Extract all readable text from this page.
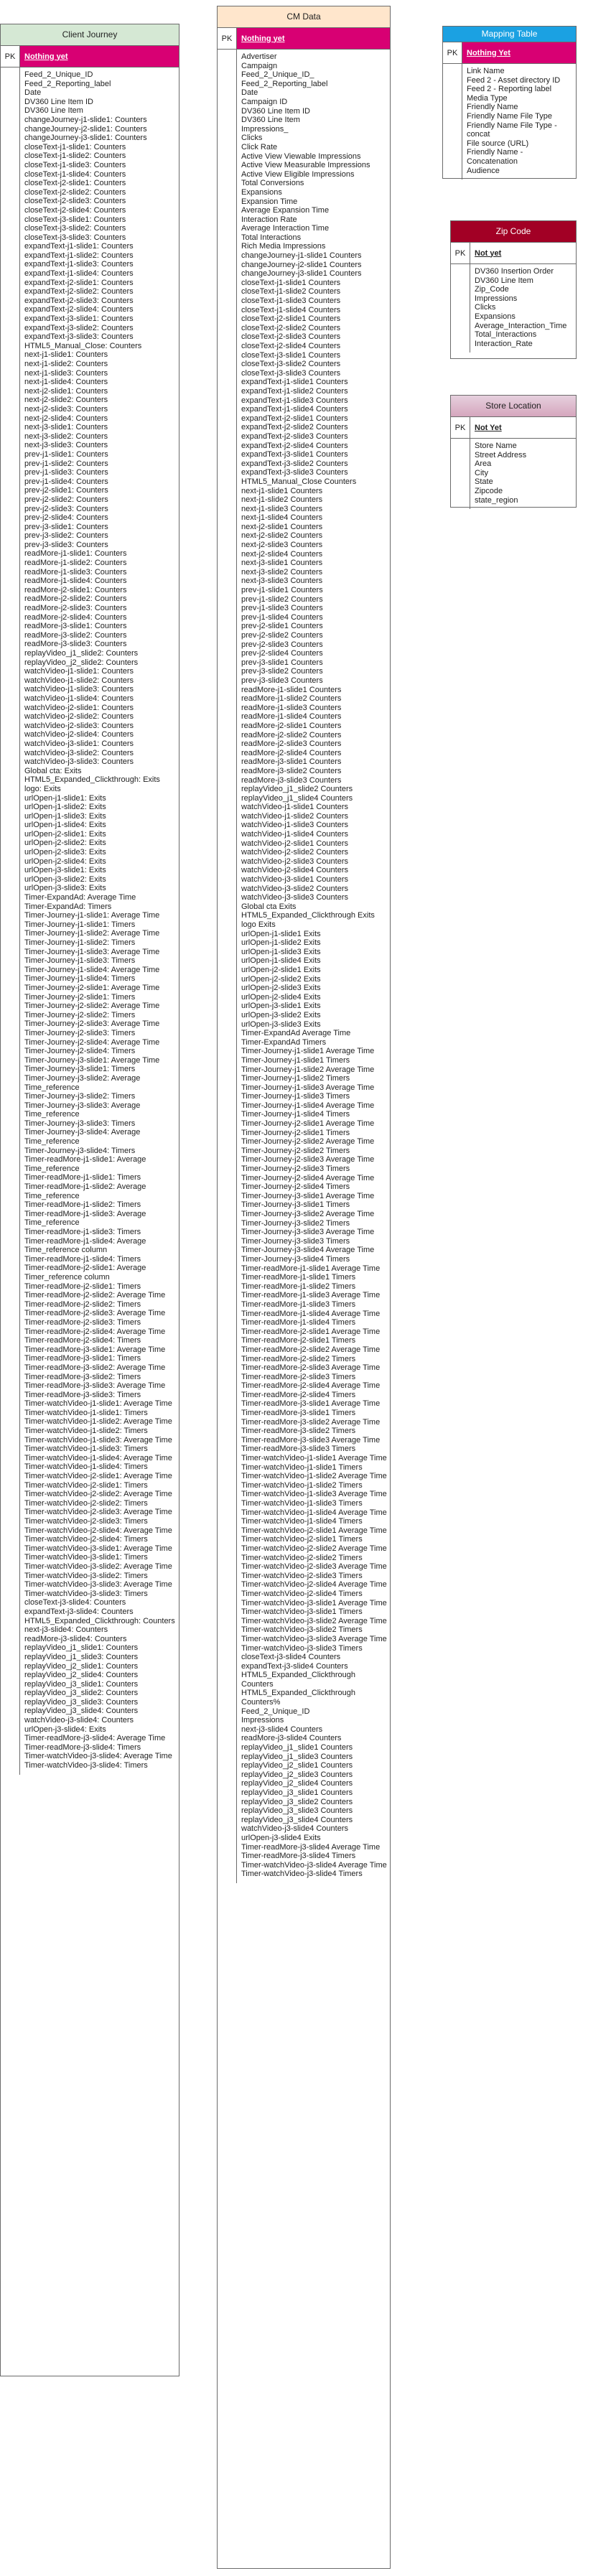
Client Journey
PK	Nothing yet
Feed_2_Unique_ID
Feed_2_Reporting_label
Date
DV360 Line Item ID
DV360 Line Item
changeJourney-j1-slide1: Counters
changeJourney-j2-slide1: Counters
changeJourney-j3-slide1: Counters
closeText-j1-slide1: Counters
closeText-j1-slide2: Counters
closeText-j1-slide3: Counters
closeText-j1-slide4: Counters
closeText-j2-slide1: Counters
closeText-j2-slide2: Counters
closeText-j2-slide3: Counters
closeText-j2-slide4: Counters
closeText-j3-slide1: Counters
closeText-j3-slide2: Counters
closeText-j3-slide3: Counters
expandText-j1-slide1: Counters
expandText-j1-slide2: Counters
expandText-j1-slide3: Counters
expandText-j1-slide4: Counters
expandText-j2-slide1: Counters
expandText-j2-slide2: Counters
expandText-j2-slide3: Counters
expandText-j2-slide4: Counters
expandText-j3-slide1: Counters
expandText-j3-slide2: Counters
expandText-j3-slide3: Counters
HTML5_Manual_Close: Counters
next-j1-slide1: Counters
next-j1-slide2: Counters
next-j1-slide3: Counters
next-j1-slide4: Counters
next-j2-slide1: Counters
next-j2-slide2: Counters
next-j2-slide3: Counters
next-j2-slide4: Counters
next-j3-slide1: Counters
next-j3-slide2: Counters
next-j3-slide3: Counters
prev-j1-slide1: Counters
prev-j1-slide2: Counters
prev-j1-slide3: Counters
prev-j1-slide4: Counters
prev-j2-slide1: Counters
prev-j2-slide2: Counters
prev-j2-slide3: Counters
prev-j2-slide4: Counters
prev-j3-slide1: Counters
prev-j3-slide2: Counters
prev-j3-slide3: Counters
readMore-j1-slide1: Counters
readMore-j1-slide2: Counters
readMore-j1-slide3: Counters
readMore-j1-slide4: Counters
readMore-j2-slide1: Counters
readMore-j2-slide2: Counters
readMore-j2-slide3: Counters
readMore-j2-slide4: Counters
readMore-j3-slide1: Counters
readMore-j3-slide2: Counters
readMore-j3-slide3: Counters
replayVideo_j1_slide2: Counters
replayVideo_j2_slide2: Counters
watchVideo-j1-slide1: Counters
watchVideo-j1-slide2: Counters
watchVideo-j1-slide3: Counters
watchVideo-j1-slide4: Counters
watchVideo-j2-slide1: Counters
watchVideo-j2-slide2: Counters
watchVideo-j2-slide3: Counters
watchVideo-j2-slide4: Counters
watchVideo-j3-slide1: Counters
watchVideo-j3-slide2: Counters
watchVideo-j3-slide3: Counters
Global cta: Exits
HTML5_Expanded_Clickthrough: Exits
logo: Exits
urlOpen-j1-slide1: Exits
urlOpen-j1-slide2: Exits
urlOpen-j1-slide3: Exits
urlOpen-j1-slide4: Exits
urlOpen-j2-slide1: Exits
urlOpen-j2-slide2: Exits
urlOpen-j2-slide3: Exits
urlOpen-j2-slide4: Exits
urlOpen-j3-slide1: Exits
urlOpen-j3-slide2: Exits
urlOpen-j3-slide3: Exits
Timer-ExpandAd: Average Time
Timer-ExpandAd: Timers
Timer-Journey-j1-slide1: Average Time
Timer-Journey-j1-slide1: Timers
Timer-Journey-j1-slide2: Average Time
Timer-Journey-j1-slide2: Timers
Timer-Journey-j1-slide3: Average Time
Timer-Journey-j1-slide3: Timers
Timer-Journey-j1-slide4: Average Time
Timer-Journey-j1-slide4: Timers
Timer-Journey-j2-slide1: Average Time
Timer-Journey-j2-slide1: Timers
Timer-Journey-j2-slide2: Average Time
Timer-Journey-j2-slide2: Timers
Timer-Journey-j2-slide3: Average Time
Timer-Journey-j2-slide3: Timers
Timer-Journey-j2-slide4: Average Time
Timer-Journey-j2-slide4: Timers
Timer-Journey-j3-slide1: Average Time
Timer-Journey-j3-slide1: Timers
Timer-Journey-j3-slide2: Average Time_reference
Timer-Journey-j3-slide2: Timers
Timer-Journey-j3-slide3: Average Time_reference
Timer-Journey-j3-slide3: Timers
Timer-Journey-j3-slide4: Average Time_reference
Timer-Journey-j3-slide4: Timers
Timer-readMore-j1-slide1: Average Time_reference
Timer-readMore-j1-slide1: Timers
Timer-readMore-j1-slide2: Average Time_reference
Timer-readMore-j1-slide2: Timers
Timer-readMore-j1-slide3: Average Time_reference
Timer-readMore-j1-slide3: Timers
Timer-readMore-j1-slide4: Average Time_reference column
Timer-readMore-j1-slide4: Timers
Timer-readMore-j2-slide1: Average Timer_reference column
Timer-readMore-j2-slide1: Timers
Timer-readMore-j2-slide2: Average Time
Timer-readMore-j2-slide2: Timers
Timer-readMore-j2-slide3: Average Time
Timer-readMore-j2-slide3: Timers
Timer-readMore-j2-slide4: Average Time
Timer-readMore-j2-slide4: Timers
Timer-readMore-j3-slide1: Average Time
Timer-readMore-j3-slide1: Timers
Timer-readMore-j3-slide2: Average Time
Timer-readMore-j3-slide2: Timers
Timer-readMore-j3-slide3: Average Time
Timer-readMore-j3-slide3: Timers
Timer-watchVideo-j1-slide1: Average Time
Timer-watchVideo-j1-slide1: Timers
Timer-watchVideo-j1-slide2: Average Time
Timer-watchVideo-j1-slide2: Timers
Timer-watchVideo-j1-slide3: Average Time
Timer-watchVideo-j1-slide3: Timers
Timer-watchVideo-j1-slide4: Average Time
Timer-watchVideo-j1-slide4: Timers
Timer-watchVideo-j2-slide1: Average Time
Timer-watchVideo-j2-slide1: Timers
Timer-watchVideo-j2-slide2: Average Time
Timer-watchVideo-j2-slide2: Timers
Timer-watchVideo-j2-slide3: Average Time
Timer-watchVideo-j2-slide3: Timers
Timer-watchVideo-j2-slide4: Average Time
Timer-watchVideo-j2-slide4: Timers
Timer-watchVideo-j3-slide1: Average Time
Timer-watchVideo-j3-slide1: Timers
Timer-watchVideo-j3-slide2: Average Time
Timer-watchVideo-j3-slide2: Timers
Timer-watchVideo-j3-slide3: Average Time
Timer-watchVideo-j3-slide3: Timers
closeText-j3-slide4: Counters
expandText-j3-slide4: Counters
HTML5_Expanded_Clickthrough: Counters
next-j3-slide4: Counters
readMore-j3-slide4: Counters
replayVideo_j1_slide1: Counters
replayVideo_j1_slide3: Counters
replayVideo_j2_slide1: Counters
replayVideo_j2_slide4: Counters
replayVideo_j3_slide1: Counters
replayVideo_j3_slide2: Counters
replayVideo_j3_slide3: Counters
replayVideo_j3_slide4: Counters
watchVideo-j3-slide4: Counters
urlOpen-j3-slide4: Exits
Timer-readMore-j3-slide4: Average Time
Timer-readMore-j3-slide4: Timers
Timer-watchVideo-j3-slide4: Average Time
Timer-watchVideo-j3-slide4: Timers
CM Data
PK	Nothing yet
Advertiser
Campaign
Feed_2_Unique_ID_
Feed_2_Reporting_label
Date
Campaign ID
DV360 Line Item ID
DV360 Line Item
Impressions_
Clicks
Click Rate
Active View Viewable Impressions
Active View Measurable Impressions
Active View Eligible Impressions
Total Conversions
Expansions
Expansion Time
Average Expansion Time
Interaction Rate
Average Interaction Time
Total Interactions
Rich Media Impressions
changeJourney-j1-slide1 Counters
changeJourney-j2-slide1 Counters
changeJourney-j3-slide1 Counters
closeText-j1-slide1 Counters
closeText-j1-slide2 Counters
closeText-j1-slide3 Counters
closeText-j1-slide4 Counters
closeText-j2-slide1 Counters
closeText-j2-slide2 Counters
closeText-j2-slide3 Counters
closeText-j2-slide4 Counters
closeText-j3-slide1 Counters
closeText-j3-slide2 Counters
closeText-j3-slide3 Counters
expandText-j1-slide1 Counters
expandText-j1-slide2 Counters
expandText-j1-slide3 Counters
expandText-j1-slide4 Counters
expandText-j2-slide1 Counters
expandText-j2-slide2 Counters
expandText-j2-slide3 Counters
expandText-j2-slide4 Counters
expandText-j3-slide1 Counters
expandText-j3-slide2 Counters
expandText-j3-slide3 Counters
HTML5_Manual_Close Counters
next-j1-slide1 Counters
next-j1-slide2 Counters
next-j1-slide3 Counters
next-j1-slide4 Counters
next-j2-slide1 Counters
next-j2-slide2 Counters
next-j2-slide3 Counters
next-j2-slide4 Counters
next-j3-slide1 Counters
next-j3-slide2 Counters
next-j3-slide3 Counters
prev-j1-slide1 Counters
prev-j1-slide2 Counters
prev-j1-slide3 Counters
prev-j1-slide4 Counters
prev-j2-slide1 Counters
prev-j2-slide2 Counters
prev-j2-slide3 Counters
prev-j2-slide4 Counters
prev-j3-slide1 Counters
prev-j3-slide2 Counters
prev-j3-slide3 Counters
readMore-j1-slide1 Counters
readMore-j1-slide2 Counters
readMore-j1-slide3 Counters
readMore-j1-slide4 Counters
readMore-j2-slide1 Counters
readMore-j2-slide2 Counters
readMore-j2-slide3 Counters
readMore-j2-slide4 Counters
readMore-j3-slide1 Counters
readMore-j3-slide2 Counters
readMore-j3-slide3 Counters
replayVideo_j1_slide2 Counters
replayVideo_j1_slide4 Counters
watchVideo-j1-slide1 Counters
watchVideo-j1-slide2 Counters
watchVideo-j1-slide3 Counters
watchVideo-j1-slide4 Counters
watchVideo-j2-slide1 Counters
watchVideo-j2-slide2 Counters
watchVideo-j2-slide3 Counters
watchVideo-j2-slide4 Counters
watchVideo-j3-slide1 Counters
watchVideo-j3-slide2 Counters
watchVideo-j3-slide3 Counters
Global cta Exits
HTML5_Expanded_Clickthrough Exits
logo Exits
urlOpen-j1-slide1 Exits
urlOpen-j1-slide2 Exits
urlOpen-j1-slide3 Exits
urlOpen-j1-slide4 Exits
urlOpen-j2-slide1 Exits
urlOpen-j2-slide2 Exits
urlOpen-j2-slide3 Exits
urlOpen-j2-slide4 Exits
urlOpen-j3-slide1 Exits
urlOpen-j3-slide2 Exits
urlOpen-j3-slide3 Exits
Timer-ExpandAd Average Time
Timer-ExpandAd Timers
Timer-Journey-j1-slide1 Average Time
Timer-Journey-j1-slide1 Timers
Timer-Journey-j1-slide2 Average Time
Timer-Journey-j1-slide2 Timers
Timer-Journey-j1-slide3 Average Time
Timer-Journey-j1-slide3 Timers
Timer-Journey-j1-slide4 Average Time
Timer-Journey-j1-slide4 Timers
Timer-Journey-j2-slide1 Average Time
Timer-Journey-j2-slide1 Timers
Timer-Journey-j2-slide2 Average Time
Timer-Journey-j2-slide2 Timers
Timer-Journey-j2-slide3 Average Time
Timer-Journey-j2-slide3 Timers
Timer-Journey-j2-slide4 Average Time
Timer-Journey-j2-slide4 Timers
Timer-Journey-j3-slide1 Average Time
Timer-Journey-j3-slide1 Timers
Timer-Journey-j3-slide2 Average Time
Timer-Journey-j3-slide2 Timers
Timer-Journey-j3-slide3 Average Time
Timer-Journey-j3-slide3 Timers
Timer-Journey-j3-slide4 Average Time
Timer-Journey-j3-slide4 Timers
Timer-readMore-j1-slide1 Average Time
Timer-readMore-j1-slide1 Timers
Timer-readMore-j1-slide2 Timers
Timer-readMore-j1-slide3 Average Time
Timer-readMore-j1-slide3 Timers
Timer-readMore-j1-slide4 Average Time
Timer-readMore-j1-slide4 Timers
Timer-readMore-j2-slide1 Average Time
Timer-readMore-j2-slide1 Timers
Timer-readMore-j2-slide2 Average Time
Timer-readMore-j2-slide2 Timers
Timer-readMore-j2-slide3 Average Time
Timer-readMore-j2-slide3 Timers
Timer-readMore-j2-slide4 Average Time
Timer-readMore-j2-slide4 Timers
Timer-readMore-j3-slide1 Average Time
Timer-readMore-j3-slide1 Timers
Timer-readMore-j3-slide2 Average Time
Timer-readMore-j3-slide2 Timers
Timer-readMore-j3-slide3 Average Time
Timer-readMore-j3-slide3 Timers
Timer-watchVideo-j1-slide1 Average Time
Timer-watchVideo-j1-slide1 Timers
Timer-watchVideo-j1-slide2 Average Time
Timer-watchVideo-j1-slide2 Timers
Timer-watchVideo-j1-slide3 Average Time
Timer-watchVideo-j1-slide3 Timers
Timer-watchVideo-j1-slide4 Average Time
Timer-watchVideo-j1-slide4 Timers
Timer-watchVideo-j2-slide1 Average Time
Timer-watchVideo-j2-slide1 Timers
Timer-watchVideo-j2-slide2 Average Time
Timer-watchVideo-j2-slide2 Timers
Timer-watchVideo-j2-slide3 Average Time
Timer-watchVideo-j2-slide3 Timers
Timer-watchVideo-j2-slide4 Average Time
Timer-watchVideo-j2-slide4 Timers
Timer-watchVideo-j3-slide1 Average Time
Timer-watchVideo-j3-slide1 Timers
Timer-watchVideo-j3-slide2 Average Time
Timer-watchVideo-j3-slide2 Timers
Timer-watchVideo-j3-slide3 Average Time
Timer-watchVideo-j3-slide3 Timers
closeText-j3-slide4 Counters
expandText-j3-slide4 Counters
HTML5_Expanded_Clickthrough Counters
HTML5_Expanded_Clickthrough Counters%
Feed_2_Unique_ID
Impressions
next-j3-slide4 Counters
readMore-j3-slide4 Counters
replayVideo_j1_slide1 Counters
replayVideo_j1_slide3 Counters
replayVideo_j2_slide1 Counters
replayVideo_j2_slide3 Counters
replayVideo_j2_slide4 Counters
replayVideo_j3_slide1 Counters
replayVideo_j3_slide2 Counters
replayVideo_j3_slide3 Counters
replayVideo_j3_slide4 Counters
watchVideo-j3-slide4 Counters
urlOpen-j3-slide4 Exits
Timer-readMore-j3-slide4 Average Time
Timer-readMore-j3-slide4 Timers
Timer-watchVideo-j3-slide4 Average Time
Timer-watchVideo-j3-slide4 Timers
Mapping Table
PK	Nothing Yet
Link Name
Feed 2 - Asset directory ID
Feed 2 - Reporting label
Media Type
Friendly Name
Friendly Name File Type
Friendly Name File Type - concat
File source (URL)
Friendly Name - Concatenation
Audience
Zip Code
PK	Not yet
DV360 Insertion Order
DV360 Line Item
Zip_Code
Impressions
Clicks
Expansions
Average_Interaction_Time
Total_Interactions
Interaction_Rate
Store Location
PK	Not Yet
Store Name
Street Address
Area
City
State
Zipcode
state_region
